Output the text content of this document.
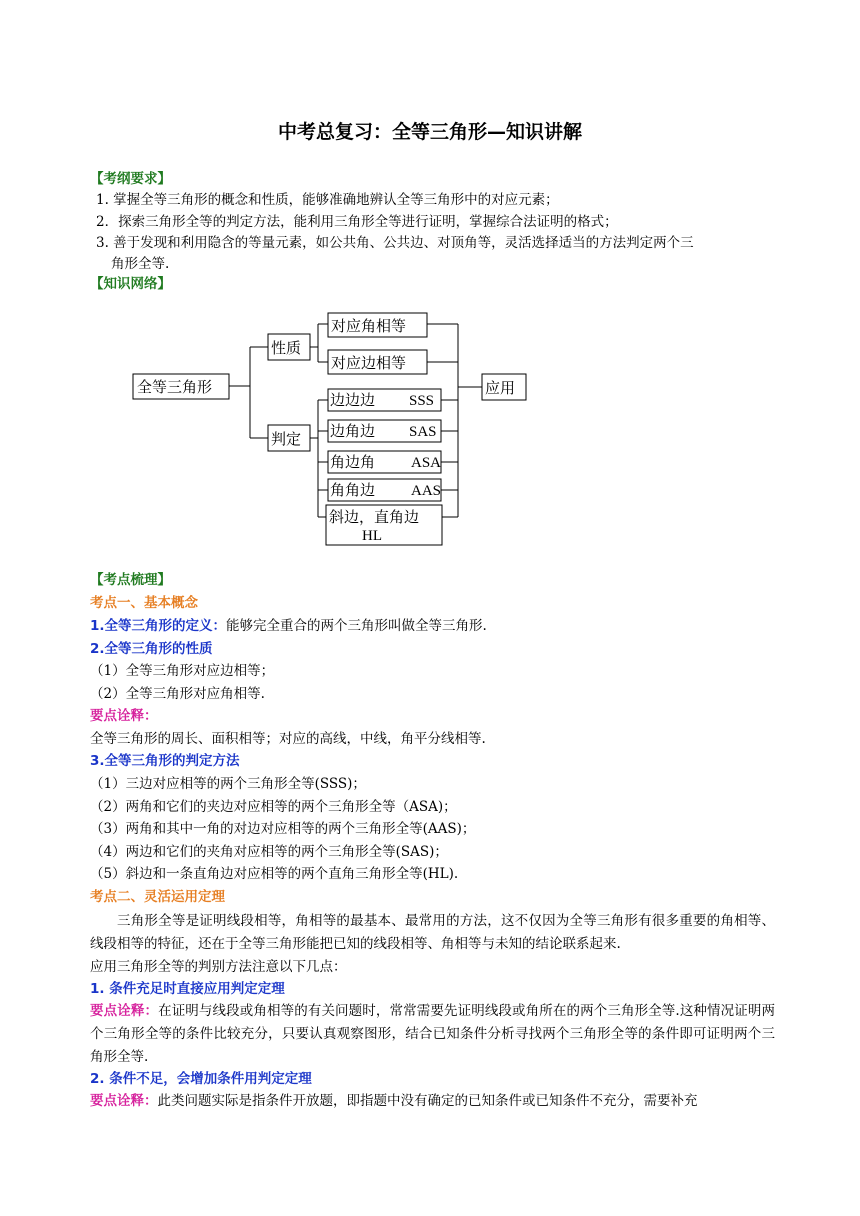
中考总复习：全等三角形—知识讲解
【考纲要求】
1. 掌握全等三角形的概念和性质，能够准确地辨认全等三角形中的对应元素；
2．探索三角形全等的判定方法，能利用三角形全等进行证明，掌握综合法证明的格式；
3. 善于发现和利用隐含的等量元素，如公共角、公共边、对顶角等，灵活选择适当的方法判定两个三
角形全等.
【知识网络】
全等三角形
性质
判定
对应角相等
对应边相等
边边边
边角边
角边角
角角边
斜边，直角边
应用
SSS
SAS
ASA
AAS
HL
【考点梳理】
考点一、基本概念
1.全等三角形的定义：能够完全重合的两个三角形叫做全等三角形.
2.全等三角形的性质
（1）全等三角形对应边相等；
（2）全等三角形对应角相等.
要点诠释：
全等三角形的周长、面积相等；对应的高线，中线，角平分线相等.
3.全等三角形的判定方法
（1）三边对应相等的两个三角形全等(SSS)；
（2）两角和它们的夹边对应相等的两个三角形全等（ASA)；
（3）两角和其中一角的对边对应相等的两个三角形全等(AAS)；
（4）两边和它们的夹角对应相等的两个三角形全等(SAS)；
（5）斜边和一条直角边对应相等的两个直角三角形全等(HL).
考点二、灵活运用定理
三角形全等是证明线段相等，角相等的最基本、最常用的方法，这不仅因为全等三角形有很多重要的角相等、线段相等的特征，还在于全等三角形能把已知的线段相等、角相等与未知的结论联系起来.
应用三角形全等的判别方法注意以下几点：
1. 条件充足时直接应用判定定理
要点诠释：在证明与线段或角相等的有关问题时，常常需要先证明线段或角所在的两个三角形全等.这种情况证明两个三角形全等的条件比较充分，只要认真观察图形，结合已知条件分析寻找两个三角形全等的条件即可证明两个三角形全等.
2. 条件不足，会增加条件用判定定理
要点诠释：此类问题实际是指条件开放题，即指题中没有确定的已知条件或已知条件不充分，需要补充
